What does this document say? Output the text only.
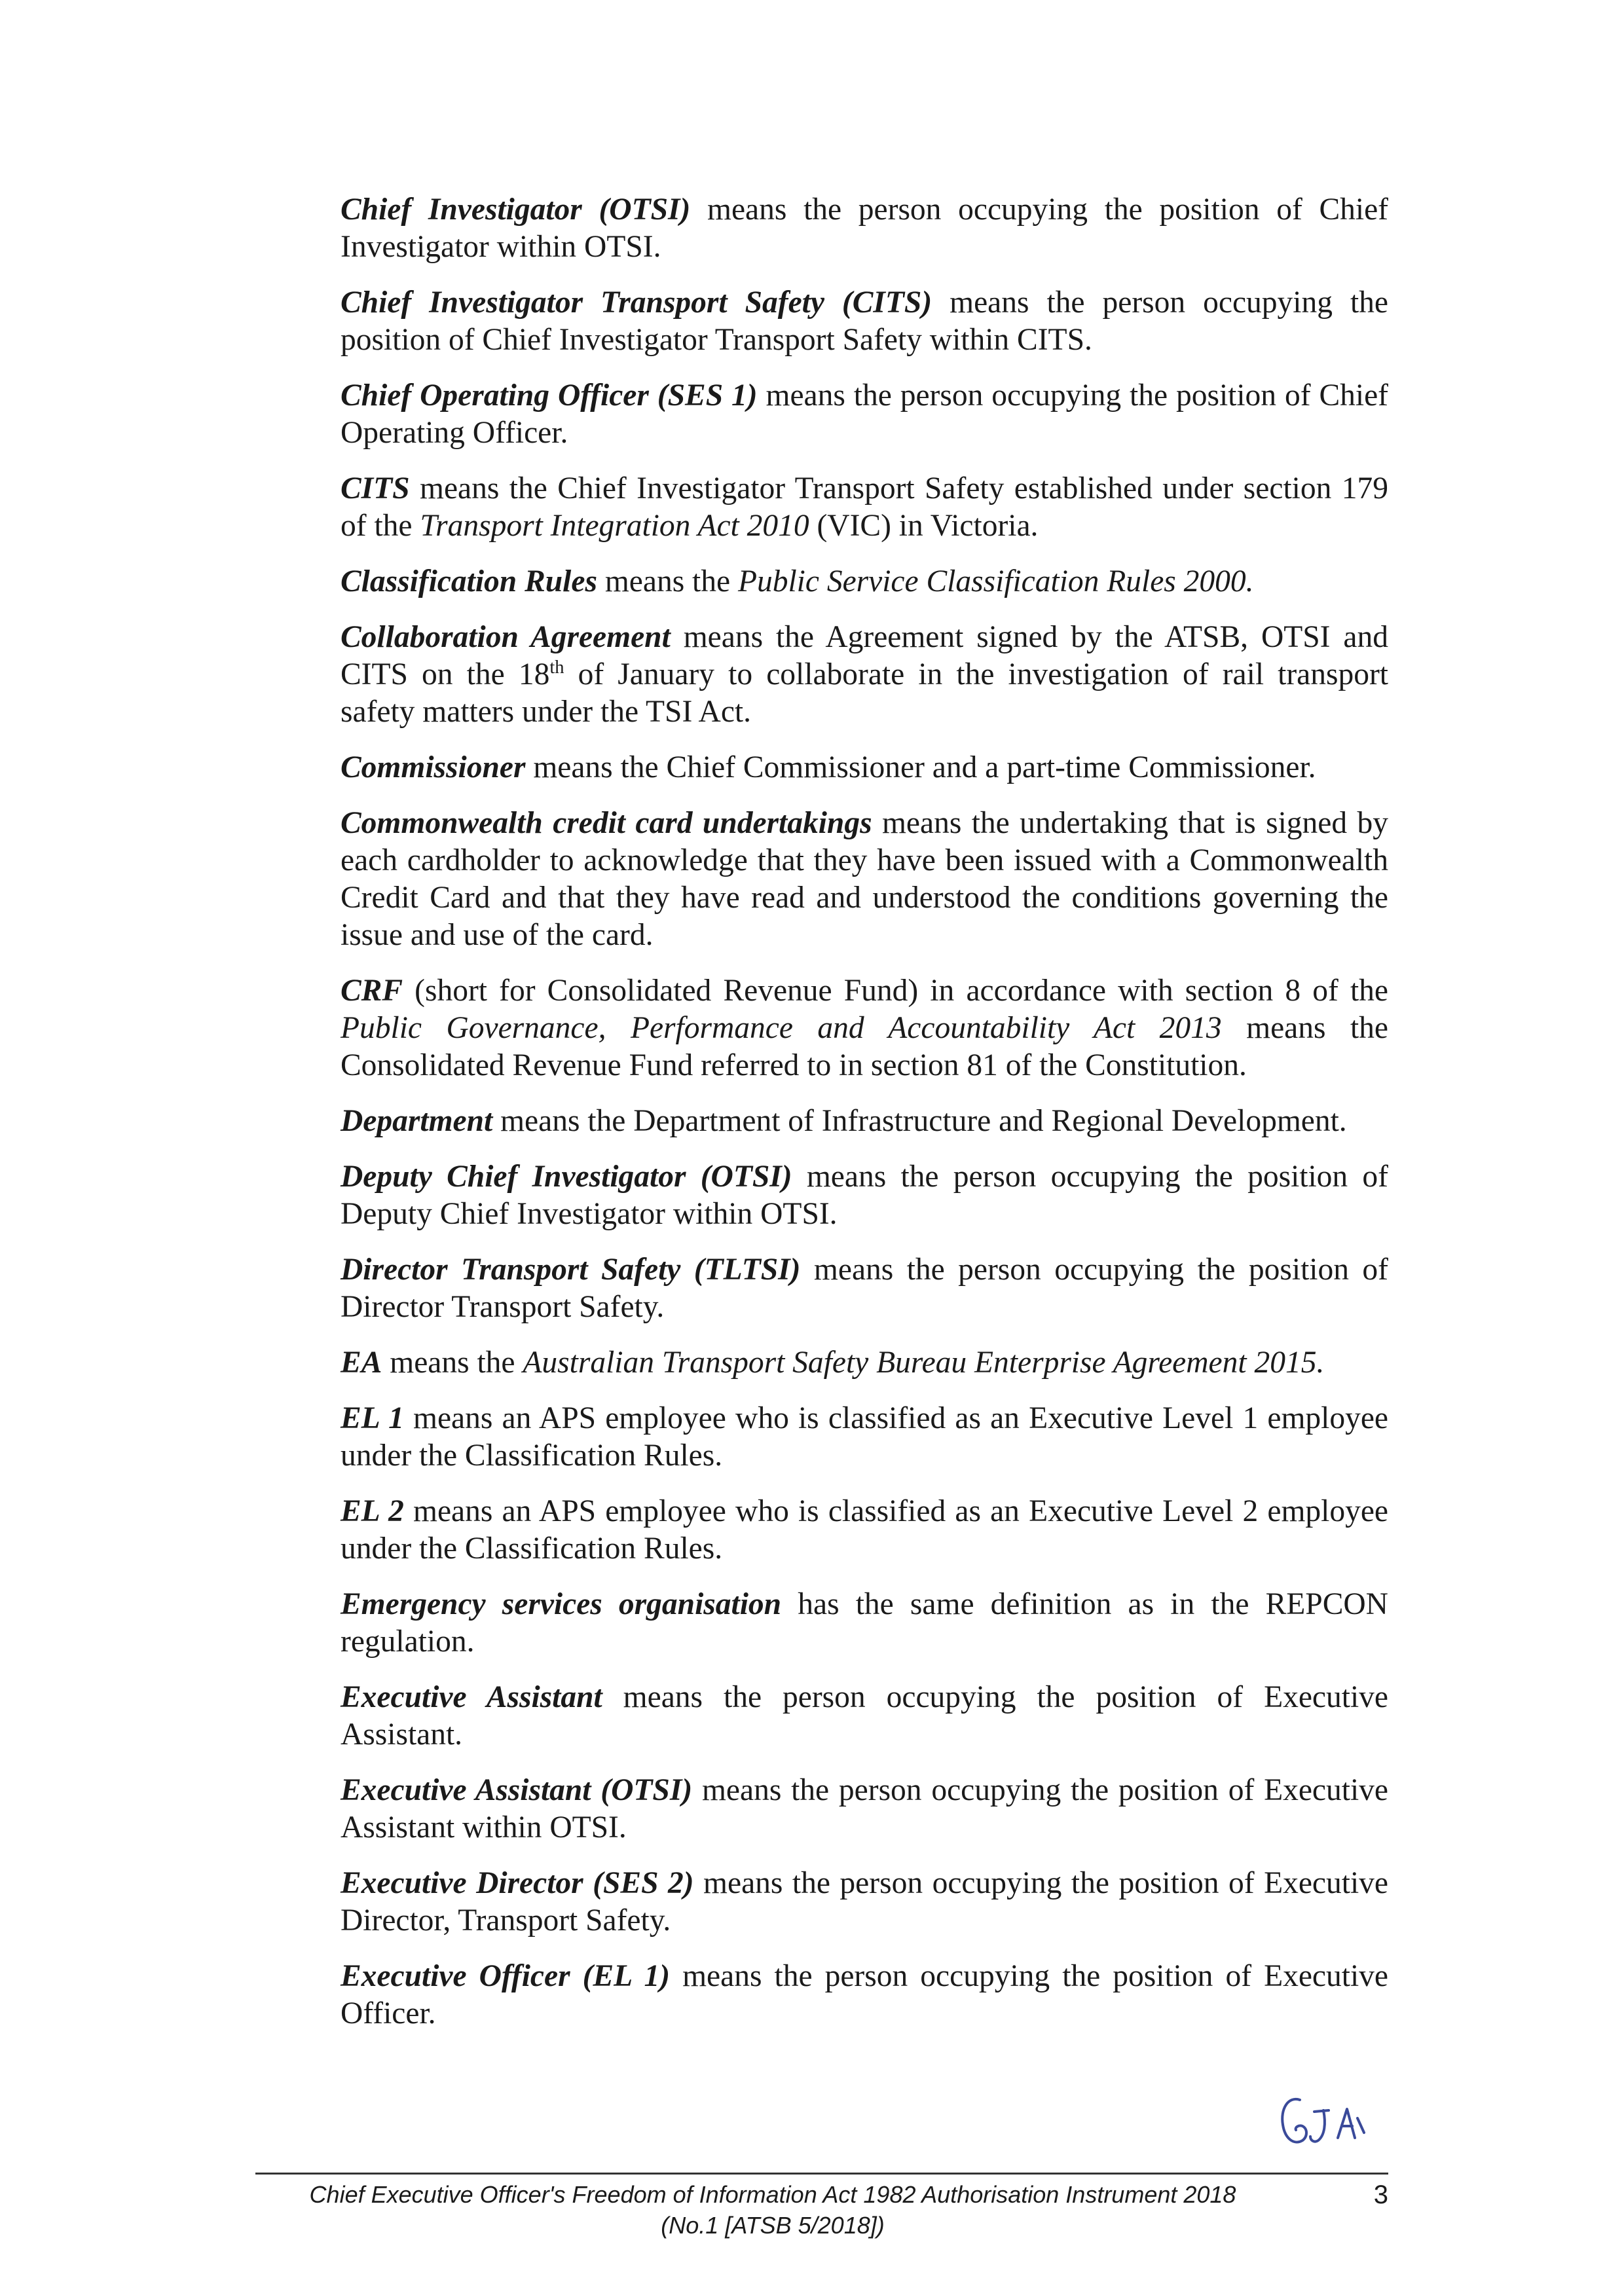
Chief Investigator (OTSI) means the person occupying the position of Chief Investigator within OTSI.

Chief Investigator Transport Safety (CITS) means the person occupying the position of Chief Investigator Transport Safety within CITS.

Chief Operating Officer (SES 1) means the person occupying the position of Chief Operating Officer.

CITS means the Chief Investigator Transport Safety established under section 179 of the Transport Integration Act 2010 (VIC) in Victoria.

Classification Rules means the Public Service Classification Rules 2000.

Collaboration Agreement means the Agreement signed by the ATSB, OTSI and CITS on the 18th of January to collaborate in the investigation of rail transport safety matters under the TSI Act.

Commissioner means the Chief Commissioner and a part-time Commissioner.

Commonwealth credit card undertakings means the undertaking that is signed by each cardholder to acknowledge that they have been issued with a Commonwealth Credit Card and that they have read and understood the conditions governing the issue and use of the card.

CRF (short for Consolidated Revenue Fund) in accordance with section 8 of the Public Governance, Performance and Accountability Act 2013 means the Consolidated Revenue Fund referred to in section 81 of the Constitution.

Department means the Department of Infrastructure and Regional Development.

Deputy Chief Investigator (OTSI) means the person occupying the position of Deputy Chief Investigator within OTSI.

Director Transport Safety (TLTSI) means the person occupying the position of Director Transport Safety.

EA means the Australian Transport Safety Bureau Enterprise Agreement 2015.

EL 1 means an APS employee who is classified as an Executive Level 1 employee under the Classification Rules.

EL 2 means an APS employee who is classified as an Executive Level 2 employee under the Classification Rules.

Emergency services organisation has the same definition as in the REPCON regulation.

Executive Assistant means the person occupying the position of Executive Assistant.

Executive Assistant (OTSI) means the person occupying the position of Executive Assistant within OTSI.

Executive Director (SES 2) means the person occupying the position of Executive Director, Transport Safety.

Executive Officer (EL 1) means the person occupying the position of Executive Officer.

Chief Executive Officer's Freedom of Information Act 1982 Authorisation Instrument 2018
(No.1 [ATSB 5/2018])
3
